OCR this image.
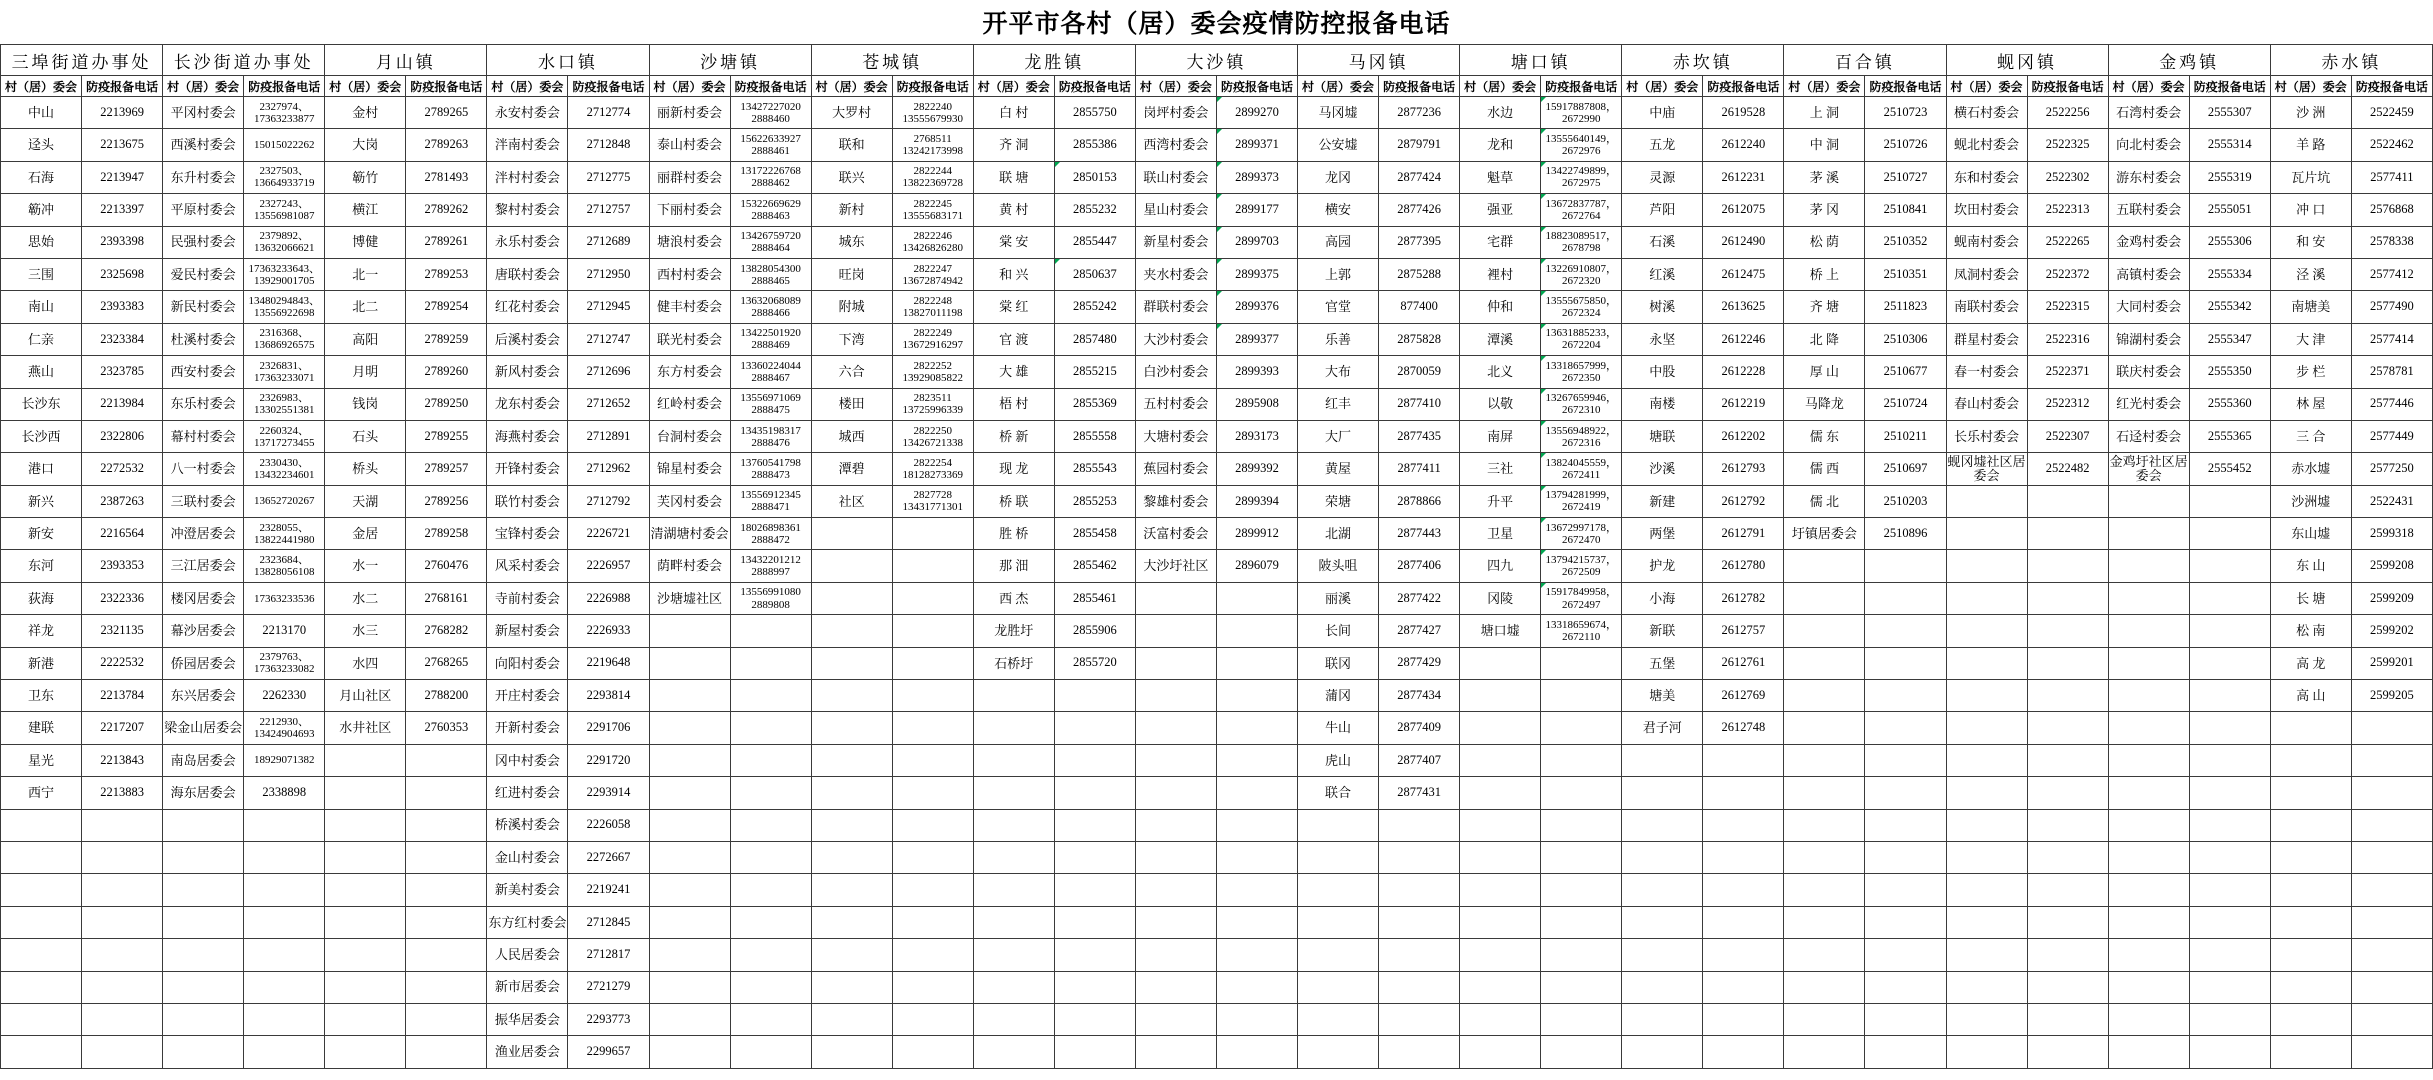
开平市各村（居）委会疫情防控报备电话
三埠街道办事处		长沙街道办事处		月山镇		水口镇		沙塘镇		苍城镇		龙胜镇		大沙镇		马冈镇		塘口镇		赤坎镇		百合镇		蚬冈镇		金鸡镇		赤水镇	
村（居）委会	防疫报备电话	村（居）委会	防疫报备电话	村（居）委会	防疫报备电话	村（居）委会	防疫报备电话	村（居）委会	防疫报备电话	村（居）委会	防疫报备电话	村（居）委会	防疫报备电话	村（居）委会	防疫报备电话	村（居）委会	防疫报备电话	村（居）委会	防疫报备电话	村（居）委会	防疫报备电话	村（居）委会	防疫报备电话	村（居）委会	防疫报备电话	村（居）委会	防疫报备电话	村（居）委会	防疫报备电话
中山	2213969	平冈村委会	2327974、17363233877	金村	2789265	永安村委会	2712774	丽新村委会	13427227020 2888460	大罗村	2822240 13555679930	白 村	2855750	岗坪村委会	2899270	马冈墟	2877236	水边	15917887808，2672990	中庙	2619528	上 洞	2510723	横石村委会	2522256	石湾村委会	2555307	沙 洲	2522459
迳头	2213675	西溪村委会	15015022262	大岗	2789263	泮南村委会	2712848	泰山村委会	15622633927 2888461	联和	2768511 13242173998	齐 洞	2855386	西湾村委会	2899371	公安墟	2879791	龙和	13555640149，2672976	五龙	2612240	中 洞	2510726	蚬北村委会	2522325	向北村委会	2555314	羊 路	2522462
石海	2213947	东升村委会	2327503、13664933719	簕竹	2781493	泮村村委会	2712775	丽群村委会	13172226768 2888462	联兴	2822244 13822369728	联 塘	2850153	联山村委会	2899373	龙冈	2877424	魁草	13422749899，2672975	灵源	2612231	茅 溪	2510727	东和村委会	2522302	游东村委会	2555319	瓦片坑	2577411
簕冲	2213397	平原村委会	2327243、13556981087	横江	2789262	黎村村委会	2712757	下丽村委会	15322669629 2888463	新村	2822245 13555683171	黄 村	2855232	星山村委会	2899177	横安	2877426	强亚	13672837787，2672764	芦阳	2612075	茅 冈	2510841	坎田村委会	2522313	五联村委会	2555051	冲 口	2576868
思始	2393398	民强村委会	2379892、13632066621	博健	2789261	永乐村委会	2712689	塘浪村委会	13426759720 2888464	城东	2822246 13426826280	棠 安	2855447	新星村委会	2899703	高园	2877395	宅群	18823089517，2678798	石溪	2612490	松 荫	2510352	蚬南村委会	2522265	金鸡村委会	2555306	和 安	2578338
三围	2325698	爱民村委会	17363233643、13929001705	北一	2789253	唐联村委会	2712950	西村村委会	13828054300 2888465	旺岗	2822247 13672874942	和 兴	2850637	夹水村委会	2899375	上郭	2875288	裡村	13226910807，2672320	红溪	2612475	桥 上	2510351	凤洞村委会	2522372	高镇村委会	2555334	泾 溪	2577412
南山	2393383	新民村委会	13480294843、13556922698	北二	2789254	红花村委会	2712945	健丰村委会	13632068089 2888466	附城	2822248 13827011198	棠 红	2855242	群联村委会	2899376	官堂	877400	仲和	13555675850，2672324	树溪	2613625	齐 塘	2511823	南联村委会	2522315	大同村委会	2555342	南塘美	2577490
仁亲	2323384	杜溪村委会	2316368、13686926575	高阳	2789259	后溪村委会	2712747	联光村委会	13422501920 2888469	下湾	2822249 13672916297	官 渡	2857480	大沙村委会	2899377	乐善	2875828	潭溪	13631885233，2672204	永坚	2612246	北 降	2510306	群星村委会	2522316	锦湖村委会	2555347	大 津	2577414
燕山	2323785	西安村委会	2326831、17363233071	月明	2789260	新风村委会	2712696	东方村委会	13360224044 2888467	六合	2822252 13929085822	大 雄	2855215	白沙村委会	2899393	大布	2870059	北义	13318657999，2672350	中股	2612228	厚 山	2510677	春一村委会	2522371	联庆村委会	2555350	步 栏	2578781
长沙东	2213984	东乐村委会	2326983、13302551381	钱岗	2789250	龙东村委会	2712652	红岭村委会	13556971069 2888475	楼田	2823511 13725996339	梧 村	2855369	五村村委会	2895908	红丰	2877410	以敬	13267659946，2672310	南楼	2612219	马降龙	2510724	春山村委会	2522312	红光村委会	2555360	林 屋	2577446
长沙西	2322806	幕村村委会	2260324、13717273455	石头	2789255	海燕村委会	2712891	台洞村委会	13435198317 2888476	城西	2822250 13426721338	桥 新	2855558	大塘村委会	2893173	大厂	2877435	南屏	13556948922，2672316	塘联	2612202	儒 东	2510211	长乐村委会	2522307	石迳村委会	2555365	三 合	2577449
港口	2272532	八一村委会	2330430、13432234601	桥头	2789257	开锋村委会	2712962	锦星村委会	13760541798 2888473	潭碧	2822254 18128273369	现 龙	2855543	蕉园村委会	2899392	黄屋	2877411	三社	13824045559，2672411	沙溪	2612793	儒 西	2510697	蚬冈墟社区居委会	2522482	金鸡圩社区居委会	2555452	赤水墟	2577250
新兴	2387263	三联村委会	13652720267	天湖	2789256	联竹村委会	2712792	芙冈村委会	13556912345 2888471	社区	2827728 13431771301	桥 联	2855253	黎雄村委会	2899394	荣塘	2878866	升平	13794281999，2672419	新建	2612792	儒 北	2510203					沙洲墟	2522431
新安	2216564	冲澄居委会	2328055、13822441980	金居	2789258	宝锋村委会	2226721	清湖塘村委会	18026898361 2888472			胜 桥	2855458	沃富村委会	2899912	北湖	2877443	卫星	13672997178，2672470	两堡	2612791	圩镇居委会	2510896					东山墟	2599318
东河	2393353	三江居委会	2323684、13828056108	水一	2760476	风采村委会	2226957	荫畔村委会	13432201212 2888997			那 沺	2855462	大沙圩社区	2896079	陂头咀	2877406	四九	13794215737，2672509	护龙	2612780							东 山	2599208
荻海	2322336	楼冈居委会	17363233536	水二	2768161	寺前村委会	2226988	沙塘墟社区	13556991080 2889808			西 杰	2855461			丽溪	2877422	冈陵	15917849958，2672497	小海	2612782							长 塘	2599209
祥龙	2321135	幕沙居委会	2213170	水三	2768282	新屋村委会	2226933					龙胜圩	2855906			长间	2877427	塘口墟	13318659674，2672110	新联	2612757							松 南	2599202
新港	2222532	侨园居委会	2379763、17363233082	水四	2768265	向阳村委会	2219648					石桥圩	2855720			联冈	2877429			五堡	2612761							高 龙	2599201
卫东	2213784	东兴居委会	2262330	月山社区	2788200	开庄村委会	2293814									蒲冈	2877434			塘美	2612769							高 山	2599205
建联	2217207	梁金山居委会	2212930、13424904693	水井社区	2760353	开新村委会	2291706									牛山	2877409			君子河	2612748								
星光	2213843	南岛居委会	18929071382			冈中村委会	2291720									虎山	2877407												
西宁	2213883	海东居委会	2338898			红进村委会	2293914									联合	2877431												
						桥溪村委会	2226058																						
						金山村委会	2272667																						
						新美村委会	2219241																						
						东方红村委会	2712845																						
						人民居委会	2712817																						
						新市居委会	2721279																						
						振华居委会	2293773																						
						渔业居委会	2299657																						
